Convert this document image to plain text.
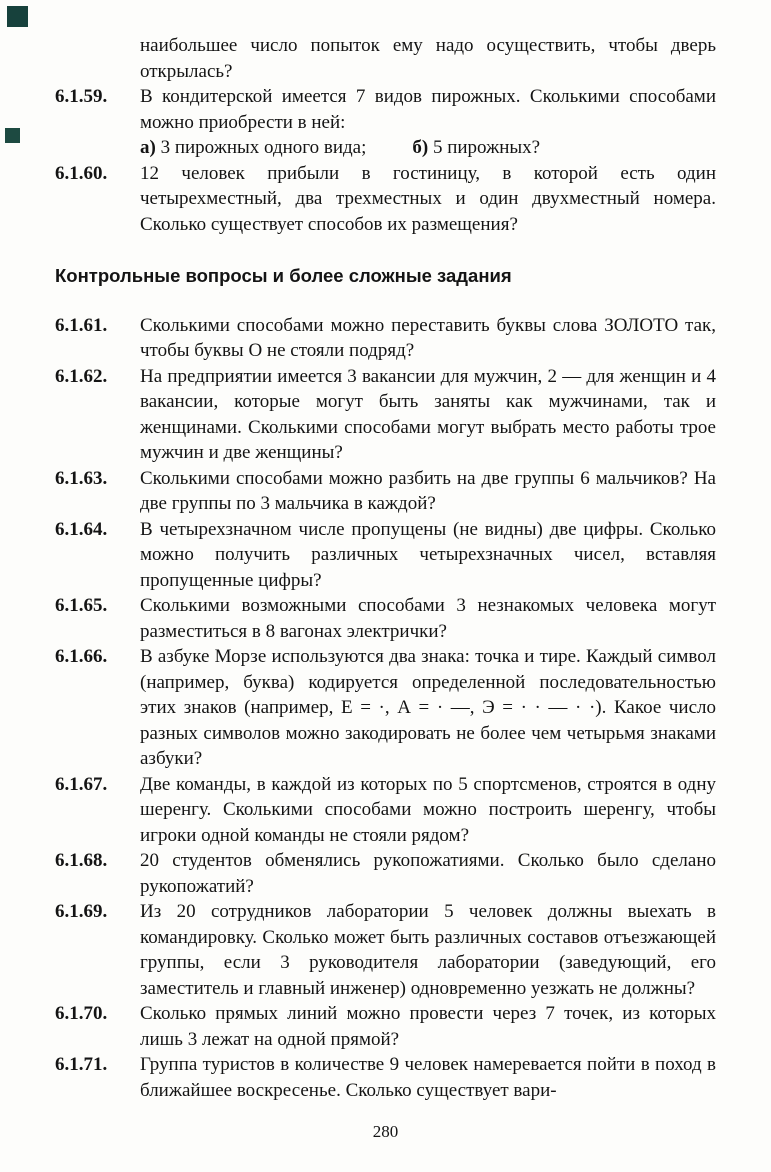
наибольшее число попыток ему надо осуществить, чтобы дверь открылась?
6.1.59.	В кондитерской имеется 7 видов пирожных. Сколькими способами можно приобрести в ней:
а) 3 пирожных одного вида; б) 5 пирожных?
6.1.60.	12 человек прибыли в гостиницу, в которой есть один четырехместный, два трехместных и один двухместный номера. Сколько существует способов их размещения?
Контрольные вопросы и более сложные задания
6.1.61.	Сколькими способами можно переставить буквы слова ЗОЛОТО так, чтобы буквы О не стояли подряд?
6.1.62.	На предприятии имеется 3 вакансии для мужчин, 2 — для женщин и 4 вакансии, которые могут быть заняты как мужчинами, так и женщинами. Сколькими способами могут выбрать место работы трое мужчин и две женщины?
6.1.63.	Сколькими способами можно разбить на две группы 6 мальчиков? На две группы по 3 мальчика в каждой?
6.1.64.	В четырехзначном числе пропущены (не видны) две цифры. Сколько можно получить различных четырехзначных чисел, вставляя пропущенные цифры?
6.1.65.	Сколькими возможными способами 3 незнакомых человека могут разместиться в 8 вагонах электрички?
6.1.66.	В азбуке Морзе используются два знака: точка и тире. Каждый символ (например, буква) кодируется определенной последовательностью этих знаков (например, Е = ·, А = · —, Э = · · — · ·). Какое число разных символов можно закодировать не более чем четырьмя знаками азбуки?
6.1.67.	Две команды, в каждой из которых по 5 спортсменов, строятся в одну шеренгу. Сколькими способами можно построить шеренгу, чтобы игроки одной команды не стояли рядом?
6.1.68.	20 студентов обменялись рукопожатиями. Сколько было сделано рукопожатий?
6.1.69.	Из 20 сотрудников лаборатории 5 человек должны выехать в командировку. Сколько может быть различных составов отъезжающей группы, если 3 руководителя лаборатории (заведующий, его заместитель и главный инженер) одновременно уезжать не должны?
6.1.70.	Сколько прямых линий можно провести через 7 точек, из которых лишь 3 лежат на одной прямой?
6.1.71.	Группа туристов в количестве 9 человек намеревается пойти в поход в ближайшее воскресенье. Сколько существует вари-
280
